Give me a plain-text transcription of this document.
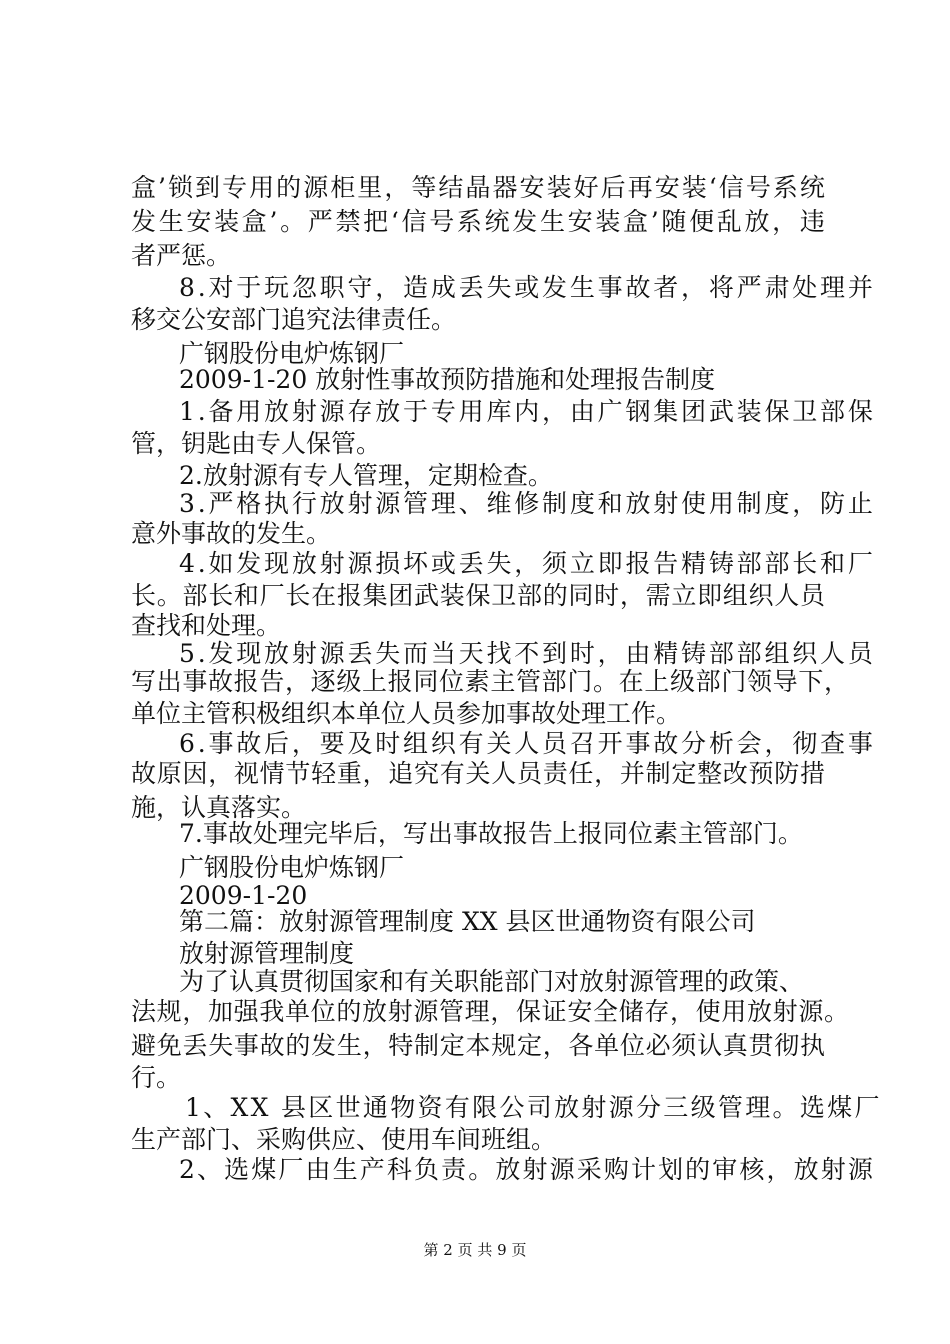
盒’锁到专用的源柜里，等结晶器安装好后再安装‘信号系统
发生安装盒’。严禁把‘信号系统发生安装盒’随便乱放，违
者严惩。
8.对于玩忽职守，造成丢失或发生事故者，将严肃处理并
移交公安部门追究法律责任。
广钢股份电炉炼钢厂
2009-1-20 放射性事故预防措施和处理报告制度
1.备用放射源存放于专用库内，由广钢集团武装保卫部保
管，钥匙由专人保管。
2.放射源有专人管理，定期检查。
3.严格执行放射源管理、维修制度和放射使用制度，防止
意外事故的发生。
4.如发现放射源损坏或丢失，须立即报告精铸部部长和厂
长。部长和厂长在报集团武装保卫部的同时，需立即组织人员
查找和处理。
5.发现放射源丢失而当天找不到时，由精铸部部组织人员
写出事故报告，逐级上报同位素主管部门。在上级部门领导下，
单位主管积极组织本单位人员参加事故处理工作。
6.事故后，要及时组织有关人员召开事故分析会，彻查事
故原因，视情节轻重，追究有关人员责任，并制定整改预防措
施，认真落实。
7.事故处理完毕后，写出事故报告上报同位素主管部门。
广钢股份电炉炼钢厂
2009-1-20
第二篇：放射源管理制度 XX 县区世通物资有限公司
放射源管理制度
为了认真贯彻国家和有关职能部门对放射源管理的政策、
法规，加强我单位的放射源管理，保证安全储存，使用放射源。
避免丢失事故的发生，特制定本规定，各单位必须认真贯彻执
行。
1、XX 县区世通物资有限公司放射源分三级管理。选煤厂
生产部门、采购供应、使用车间班组。
2、选煤厂由生产科负责。放射源采购计划的审核，放射源
第 2 页 共 9 页
